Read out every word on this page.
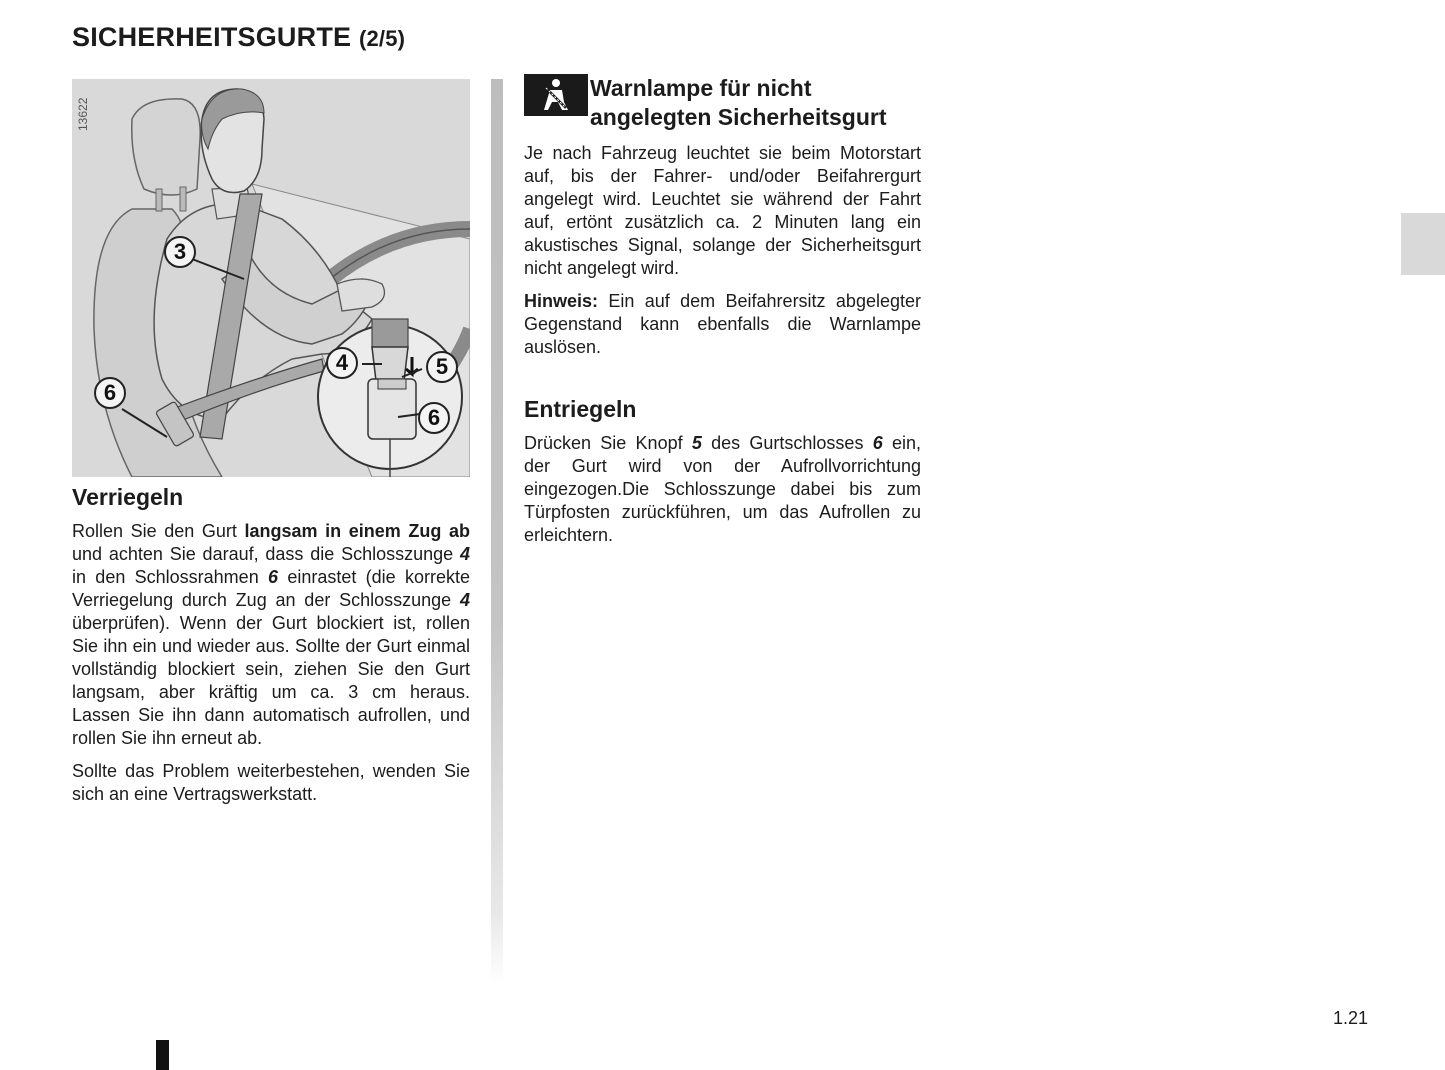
SICHERHEITSGURTE (2/5)
13622
3
6
4	5
6
Verriegeln

Rollen Sie den Gurt langsam in einem Zug ab und achten Sie darauf, dass die Schlosszunge 4 in den Schlossrahmen 6 einrastet (die korrekte Verriegelung durch Zug an der Schlosszunge 4 überprüfen). Wenn der Gurt blockiert ist, rollen Sie ihn ein und wieder aus. Sollte der Gurt einmal vollständig blockiert sein, ziehen Sie den Gurt langsam, aber kräftig um ca. 3 cm heraus. Lassen Sie ihn dann automatisch aufrollen, und rollen Sie ihn erneut ab.

Sollte das Problem weiterbestehen, wenden Sie sich an eine Vertragswerkstatt.

Warnlampe für nicht
angelegten Sicherheitsgurt

Je nach Fahrzeug leuchtet sie beim Motorstart auf, bis der Fahrer- und/oder Beifahrergurt angelegt wird. Leuchtet sie während der Fahrt auf, ertönt zusätzlich ca. 2 Minuten lang ein akustisches Signal, solange der Sicherheitsgurt nicht angelegt wird.

Hinweis: Ein auf dem Beifahrersitz abgelegter Gegenstand kann ebenfalls die Warnlampe auslösen.

Entriegeln

Drücken Sie Knopf 5 des Gurtschlosses 6 ein, der Gurt wird von der Aufrollvorrichtung eingezogen.Die Schlosszunge dabei bis zum Türpfosten zurückführen, um das Aufrollen zu erleichtern.

1.21
